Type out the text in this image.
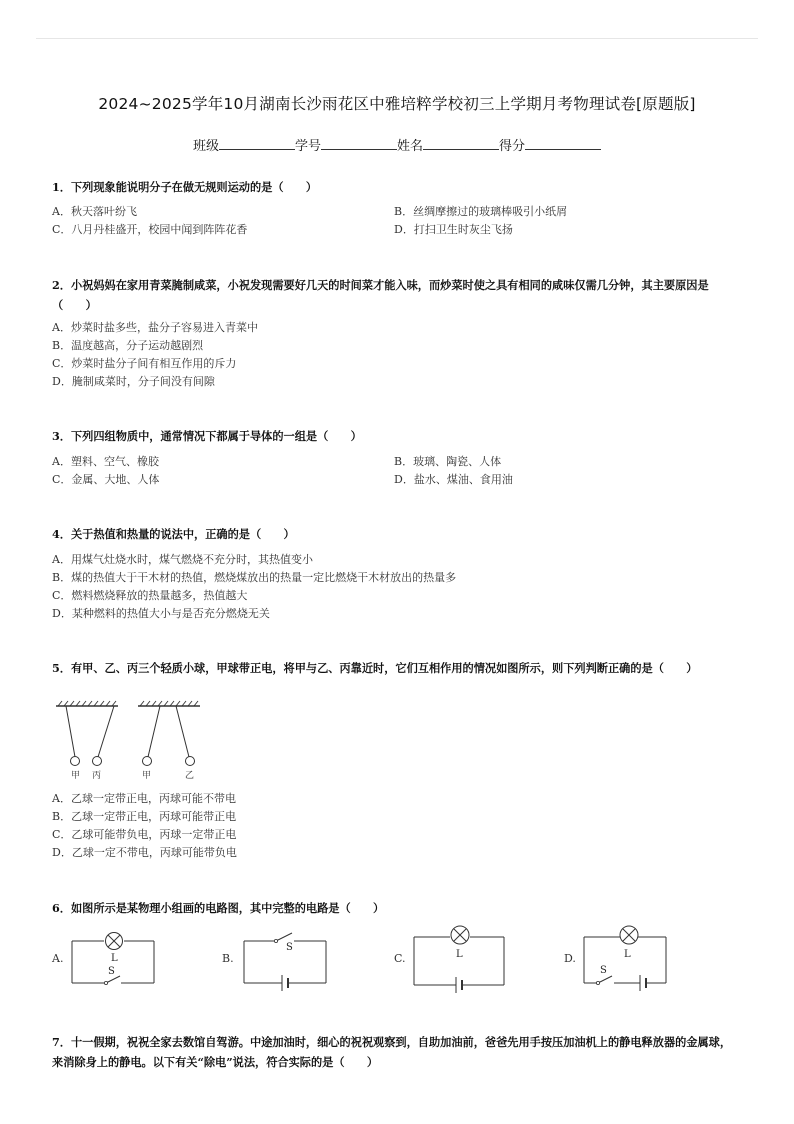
2024~2025学年10月湖南长沙雨花区中雅培粹学校初三上学期月考物理试卷[原题版]
班级	学号	姓名	得分
1．下列现象能说明分子在做无规则运动的是（　　）
A．秋天落叶纷飞	B．丝绸摩擦过的玻璃棒吸引小纸屑
C．八月丹桂盛开，校园中闻到阵阵花香	D．打扫卫生时灰尘飞扬
2．小祝妈妈在家用青菜腌制咸菜，小祝发现需要好几天的时间菜才能入味，而炒菜时使之具有相同的咸味仅需几分钟，其主要原因是（　　）
A．炒菜时盐多些，盐分子容易进入青菜中
B．温度越高，分子运动越剧烈
C．炒菜时盐分子间有相互作用的斥力
D．腌制咸菜时，分子间没有间隙
3．下列四组物质中，通常情况下都属于导体的一组是（　　）
A．塑料、空气、橡胶	B．玻璃、陶瓷、人体
C．金属、大地、人体	D．盐水、煤油、食用油
4．关于热值和热量的说法中，正确的是（　　）
A．用煤气灶烧水时，煤气燃烧不充分时，其热值变小
B．煤的热值大于干木材的热值，燃烧煤放出的热量一定比燃烧干木材放出的热量多
C．燃料燃烧释放的热量越多，热值越大
D．某种燃料的热值大小与是否充分燃烧无关
5．有甲、乙、丙三个轻质小球，甲球带正电，将甲与乙、丙靠近时，它们互相作用的情况如图所示，则下列判断正确的是（　　）
甲 丙	甲	乙
A．乙球一定带正电，丙球可能不带电
B．乙球一定带正电，丙球可能带正电
C．乙球可能带负电，丙球一定带正电
D．乙球一定不带电，丙球可能带负电
6．如图所示是某物理小组画的电路图，其中完整的电路是（　　）
A.	L
S
B.
S
C.	L	D.	L
S
7．十一假期，祝祝全家去数馆自驾游。中途加油时，细心的祝祝观察到，自助加油前，爸爸先用手按压加油机上的静电释放器的金属球，来消除身上的静电。以下有关“除电”说法，符合实际的是（　　）
